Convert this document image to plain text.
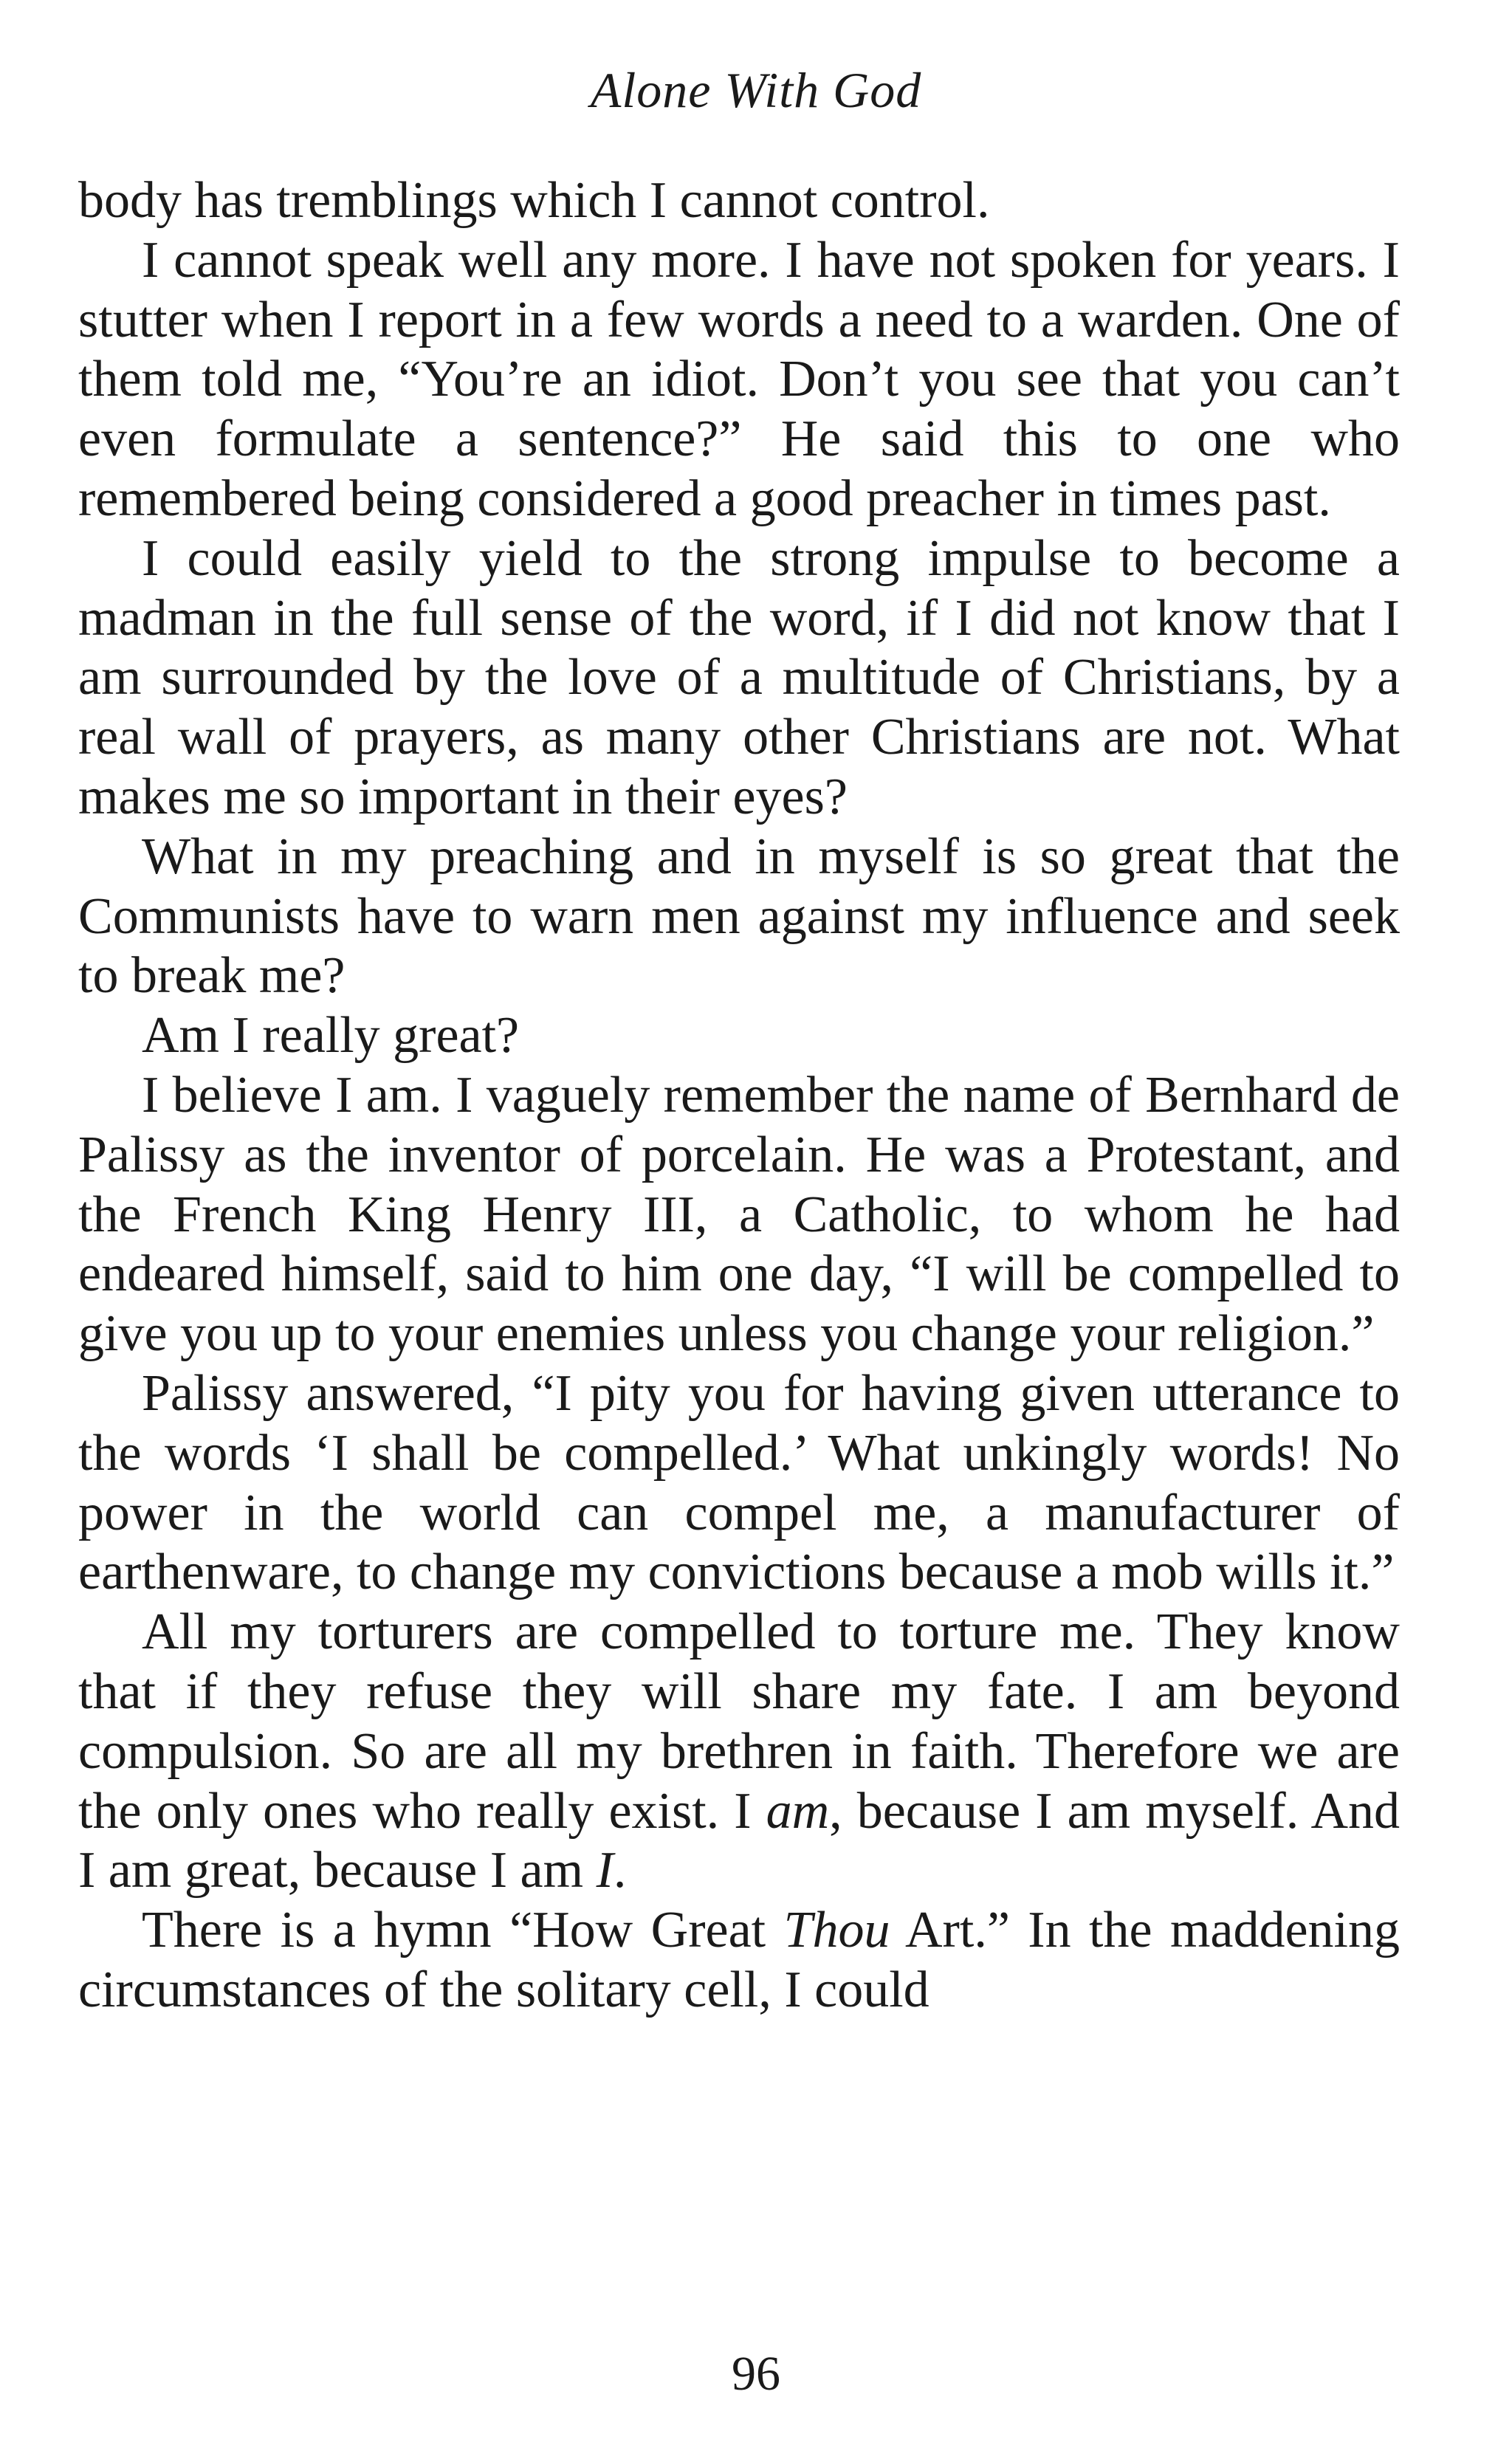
Alone With God

body has tremblings which I cannot control.

I cannot speak well any more. I have not spoken for years. I stutter when I report in a few words a need to a warden. One of them told me, “You’re an idiot. Don’t you see that you can’t even formulate a sentence?” He said this to one who remembered being considered a good preacher in times past.

I could easily yield to the strong impulse to become a madman in the full sense of the word, if I did not know that I am surrounded by the love of a multitude of Christians, by a real wall of prayers, as many other Christians are not. What makes me so important in their eyes?

What in my preaching and in myself is so great that the Communists have to warn men against my influence and seek to break me?

Am I really great?

I believe I am. I vaguely remember the name of Bernhard de Palissy as the inventor of porcelain. He was a Protestant, and the French King Henry III, a Catholic, to whom he had endeared himself, said to him one day, “I will be compelled to give you up to your enemies unless you change your religion.”

Palissy answered, “I pity you for having given utterance to the words ‘I shall be compelled.’ What unkingly words! No power in the world can compel me, a manufacturer of earthenware, to change my convictions because a mob wills it.”

All my torturers are compelled to torture me. They know that if they refuse they will share my fate. I am beyond compulsion. So are all my brethren in faith. Therefore we are the only ones who really exist. I am, because I am myself. And I am great, because I am I.

There is a hymn “How Great Thou Art.” In the maddening circumstances of the solitary cell, I could

96
